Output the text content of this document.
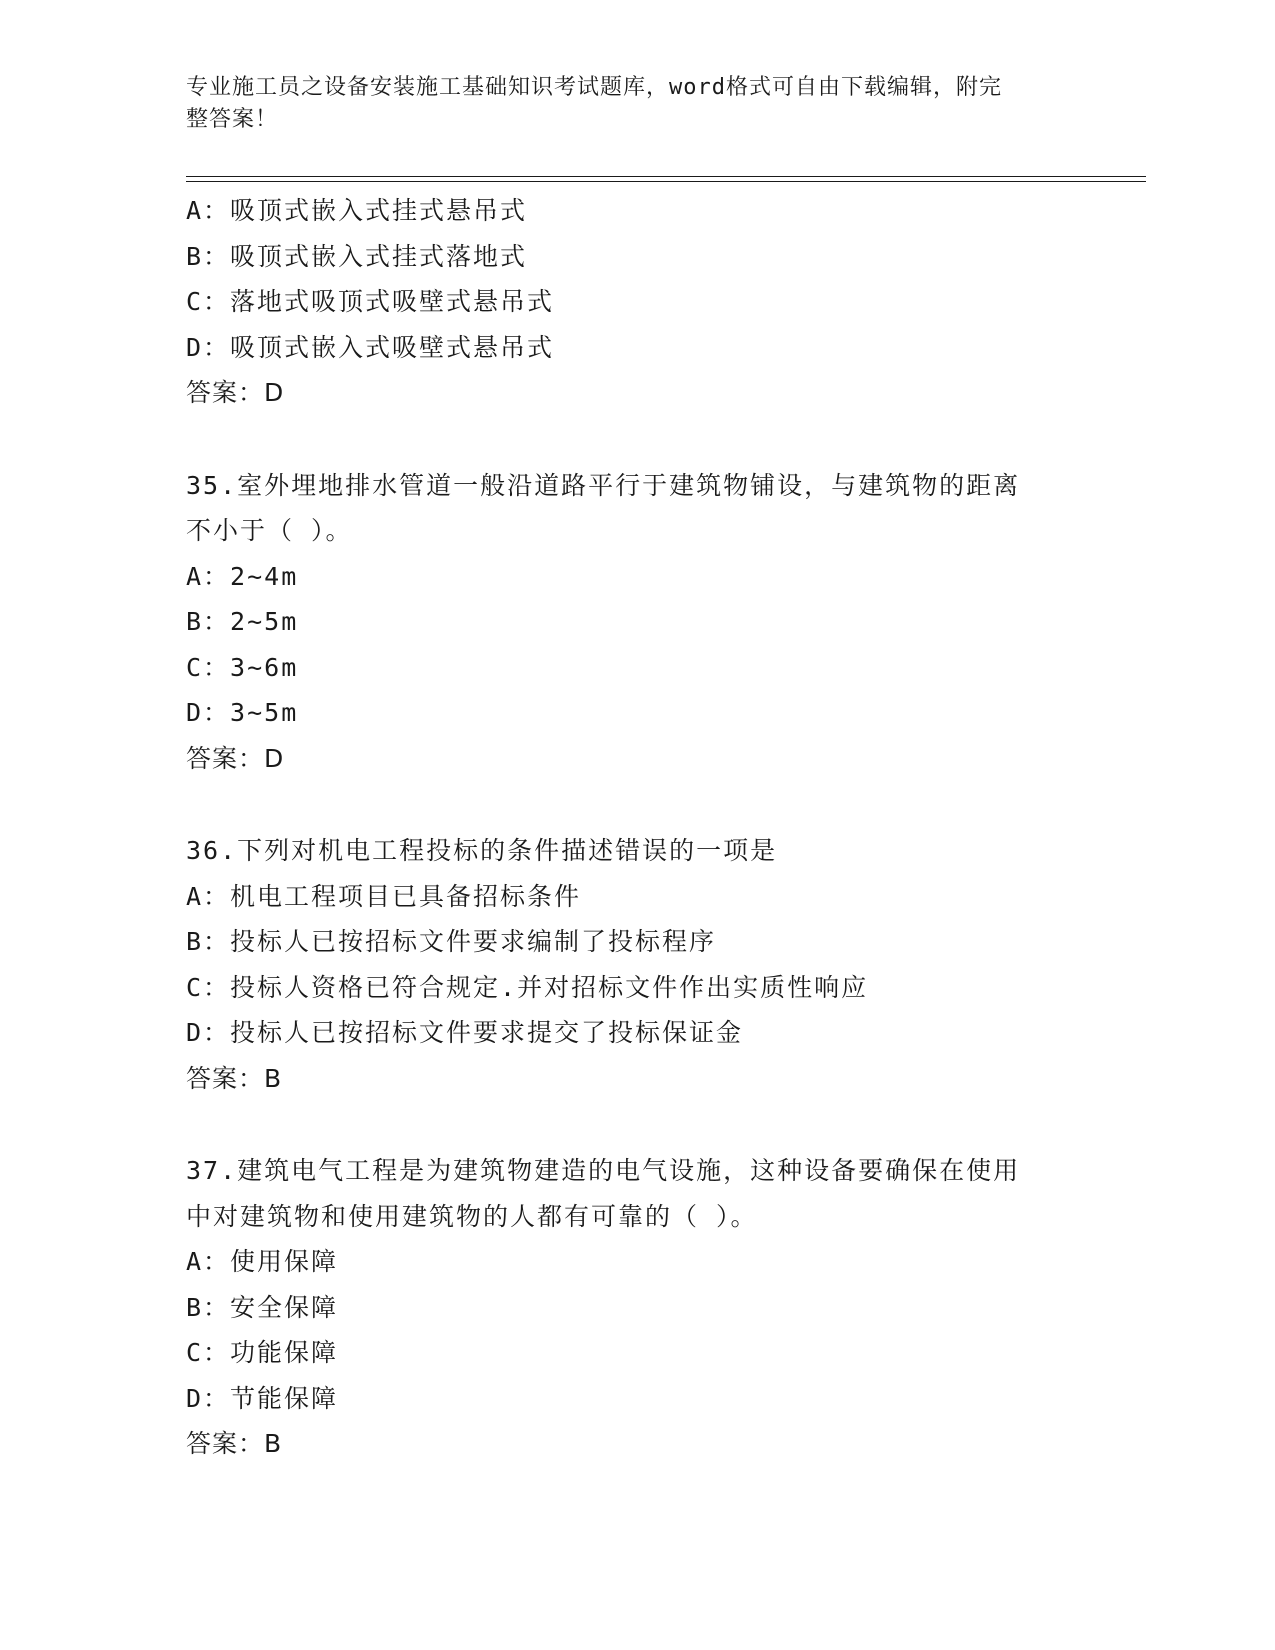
专业施工员之设备安装施工基础知识考试题库，word格式可自由下载编辑，附完
整答案！
A：吸顶式嵌入式挂式悬吊式
B：吸顶式嵌入式挂式落地式
C：落地式吸顶式吸壁式悬吊式
D：吸顶式嵌入式吸壁式悬吊式
答案：D
35.室外埋地排水管道一般沿道路平行于建筑物铺设，与建筑物的距离
不小于（ ）。
A：2~4m
B：2~5m
C：3~6m
D：3~5m
答案：D
36.下列对机电工程投标的条件描述错误的一项是
A：机电工程项目已具备招标条件
B：投标人已按招标文件要求编制了投标程序
C：投标人资格已符合规定.并对招标文件作出实质性响应
D：投标人已按招标文件要求提交了投标保证金
答案：B
37.建筑电气工程是为建筑物建造的电气设施，这种设备要确保在使用
中对建筑物和使用建筑物的人都有可靠的（ ）。
A：使用保障
B：安全保障
C：功能保障
D：节能保障
答案：B
